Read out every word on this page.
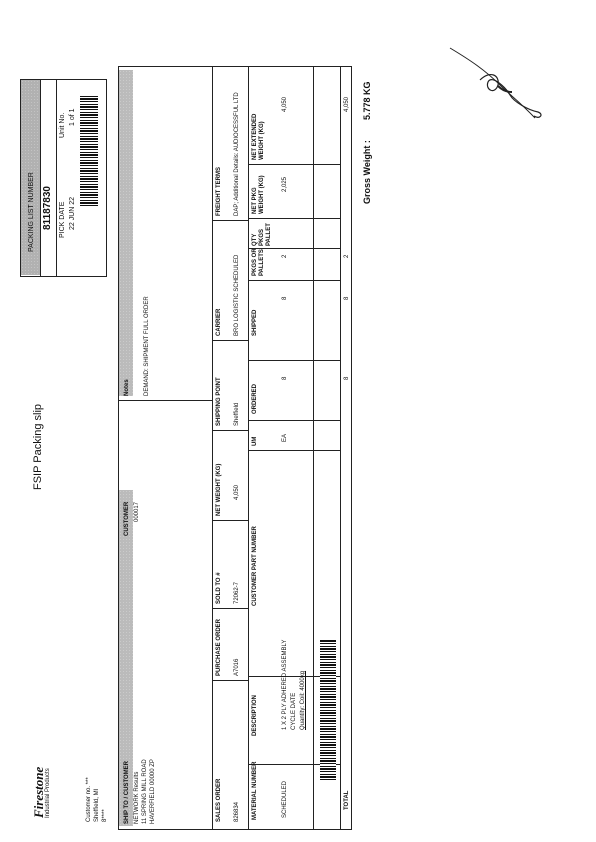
Firestone Industrial Products	Customer no. *** Sheffield, MI 8****
FSIP Packing slip
PACKING LIST NUMBER 81187830 PICK DATE
Unit No.
22 JUN 22
1 of 1
SHIP TO / CUSTOMER NETWORK Results 11 SPRING MILL ROAD HAVERFIELD 00000 ZP
CUSTOMER 000017
Notes DEMAND: SHIPMENT FULL ORDER
SALES ORDER 826834
PURCHASE ORDER A7016
SOLD TO # 72062-7
NET WEIGHT (KG) 4,050
SHIPPING POINT Sheffield
CARRIER BRO LOGISTIC SCHEDULED
FREIGHT TERMS DAP; Additional Details: AUDIOCESSFUL LTD
MATERIAL NUMBER
DESCRIPTION
CUSTOMER PART NUMBER
UM
ORDERED
SHIPPED
PKGS OR PALLETS
QTY PKGS PALLET
NET PKG WEIGHT (KG)
NET EXTENDED WEIGHT (KG)
SCHEDULED
1 X 2 PLY ADHERED ASSEMBLY CYCLE DATE Quantity: Coil: 4000kg
EA
8
8
2
2,025
4,050
TOTAL
8
8
2
4,050
Gross Weight :
5.778 KG
